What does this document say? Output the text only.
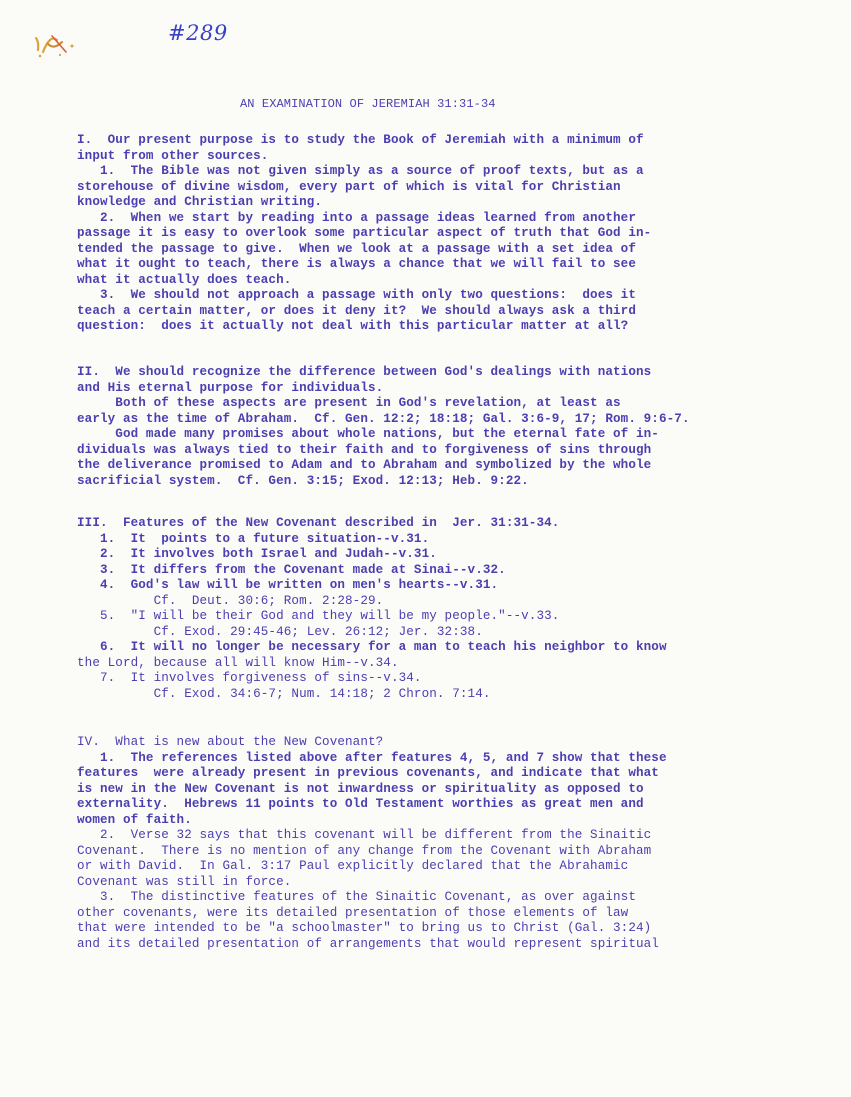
#289
AN EXAMINATION OF JEREMIAH 31:31-34
I.  Our present purpose is to study the Book of Jeremiah with a minimum of
input from other sources.
1.  The Bible was not given simply as a source of proof texts, but as a
storehouse of divine wisdom, every part of which is vital for Christian
knowledge and Christian writing.
2.  When we start by reading into a passage ideas learned from another
passage it is easy to overlook some particular aspect of truth that God in-
tended the passage to give.  When we look at a passage with a set idea of
what it ought to teach, there is always a chance that we will fail to see
what it actually does teach.
3.  We should not approach a passage with only two questions:  does it
teach a certain matter, or does it deny it?  We should always ask a third
question:  does it actually not deal with this particular matter at all?
II.  We should recognize the difference between God's dealings with nations
and His eternal purpose for individuals.
Both of these aspects are present in God's revelation, at least as
early as the time of Abraham.  Cf. Gen. 12:2; 18:18; Gal. 3:6-9, 17; Rom. 9:6-7.
God made many promises about whole nations, but the eternal fate of in-
dividuals was always tied to their faith and to forgiveness of sins through
the deliverance promised to Adam and to Abraham and symbolized by the whole
sacrificial system.  Cf. Gen. 3:15; Exod. 12:13; Heb. 9:22.
III.  Features of the New Covenant described in  Jer. 31:31-34.
1.  It  points to a future situation--v.31.
2.  It involves both Israel and Judah--v.31.
3.  It differs from the Covenant made at Sinai--v.32.
4.  God's law will be written on men's hearts--v.31.
Cf.  Deut. 30:6; Rom. 2:28-29.
5.  "I will be their God and they will be my people."--v.33.
Cf. Exod. 29:45-46; Lev. 26:12; Jer. 32:38.
6.  It will no longer be necessary for a man to teach his neighbor to know
the Lord, because all will know Him--v.34.
7.  It involves forgiveness of sins--v.34.
Cf. Exod. 34:6-7; Num. 14:18; 2 Chron. 7:14.
IV.  What is new about the New Covenant?
1.  The references listed above after features 4, 5, and 7 show that these
features  were already present in previous covenants, and indicate that what
is new in the New Covenant is not inwardness or spirituality as opposed to
externality.  Hebrews 11 points to Old Testament worthies as great men and
women of faith.
2.  Verse 32 says that this covenant will be different from the Sinaitic
Covenant.  There is no mention of any change from the Covenant with Abraham
or with David.  In Gal. 3:17 Paul explicitly declared that the Abrahamic
Covenant was still in force.
3.  The distinctive features of the Sinaitic Covenant, as over against
other covenants, were its detailed presentation of those elements of law
that were intended to be "a schoolmaster" to bring us to Christ (Gal. 3:24)
and its detailed presentation of arrangements that would represent spiritual
